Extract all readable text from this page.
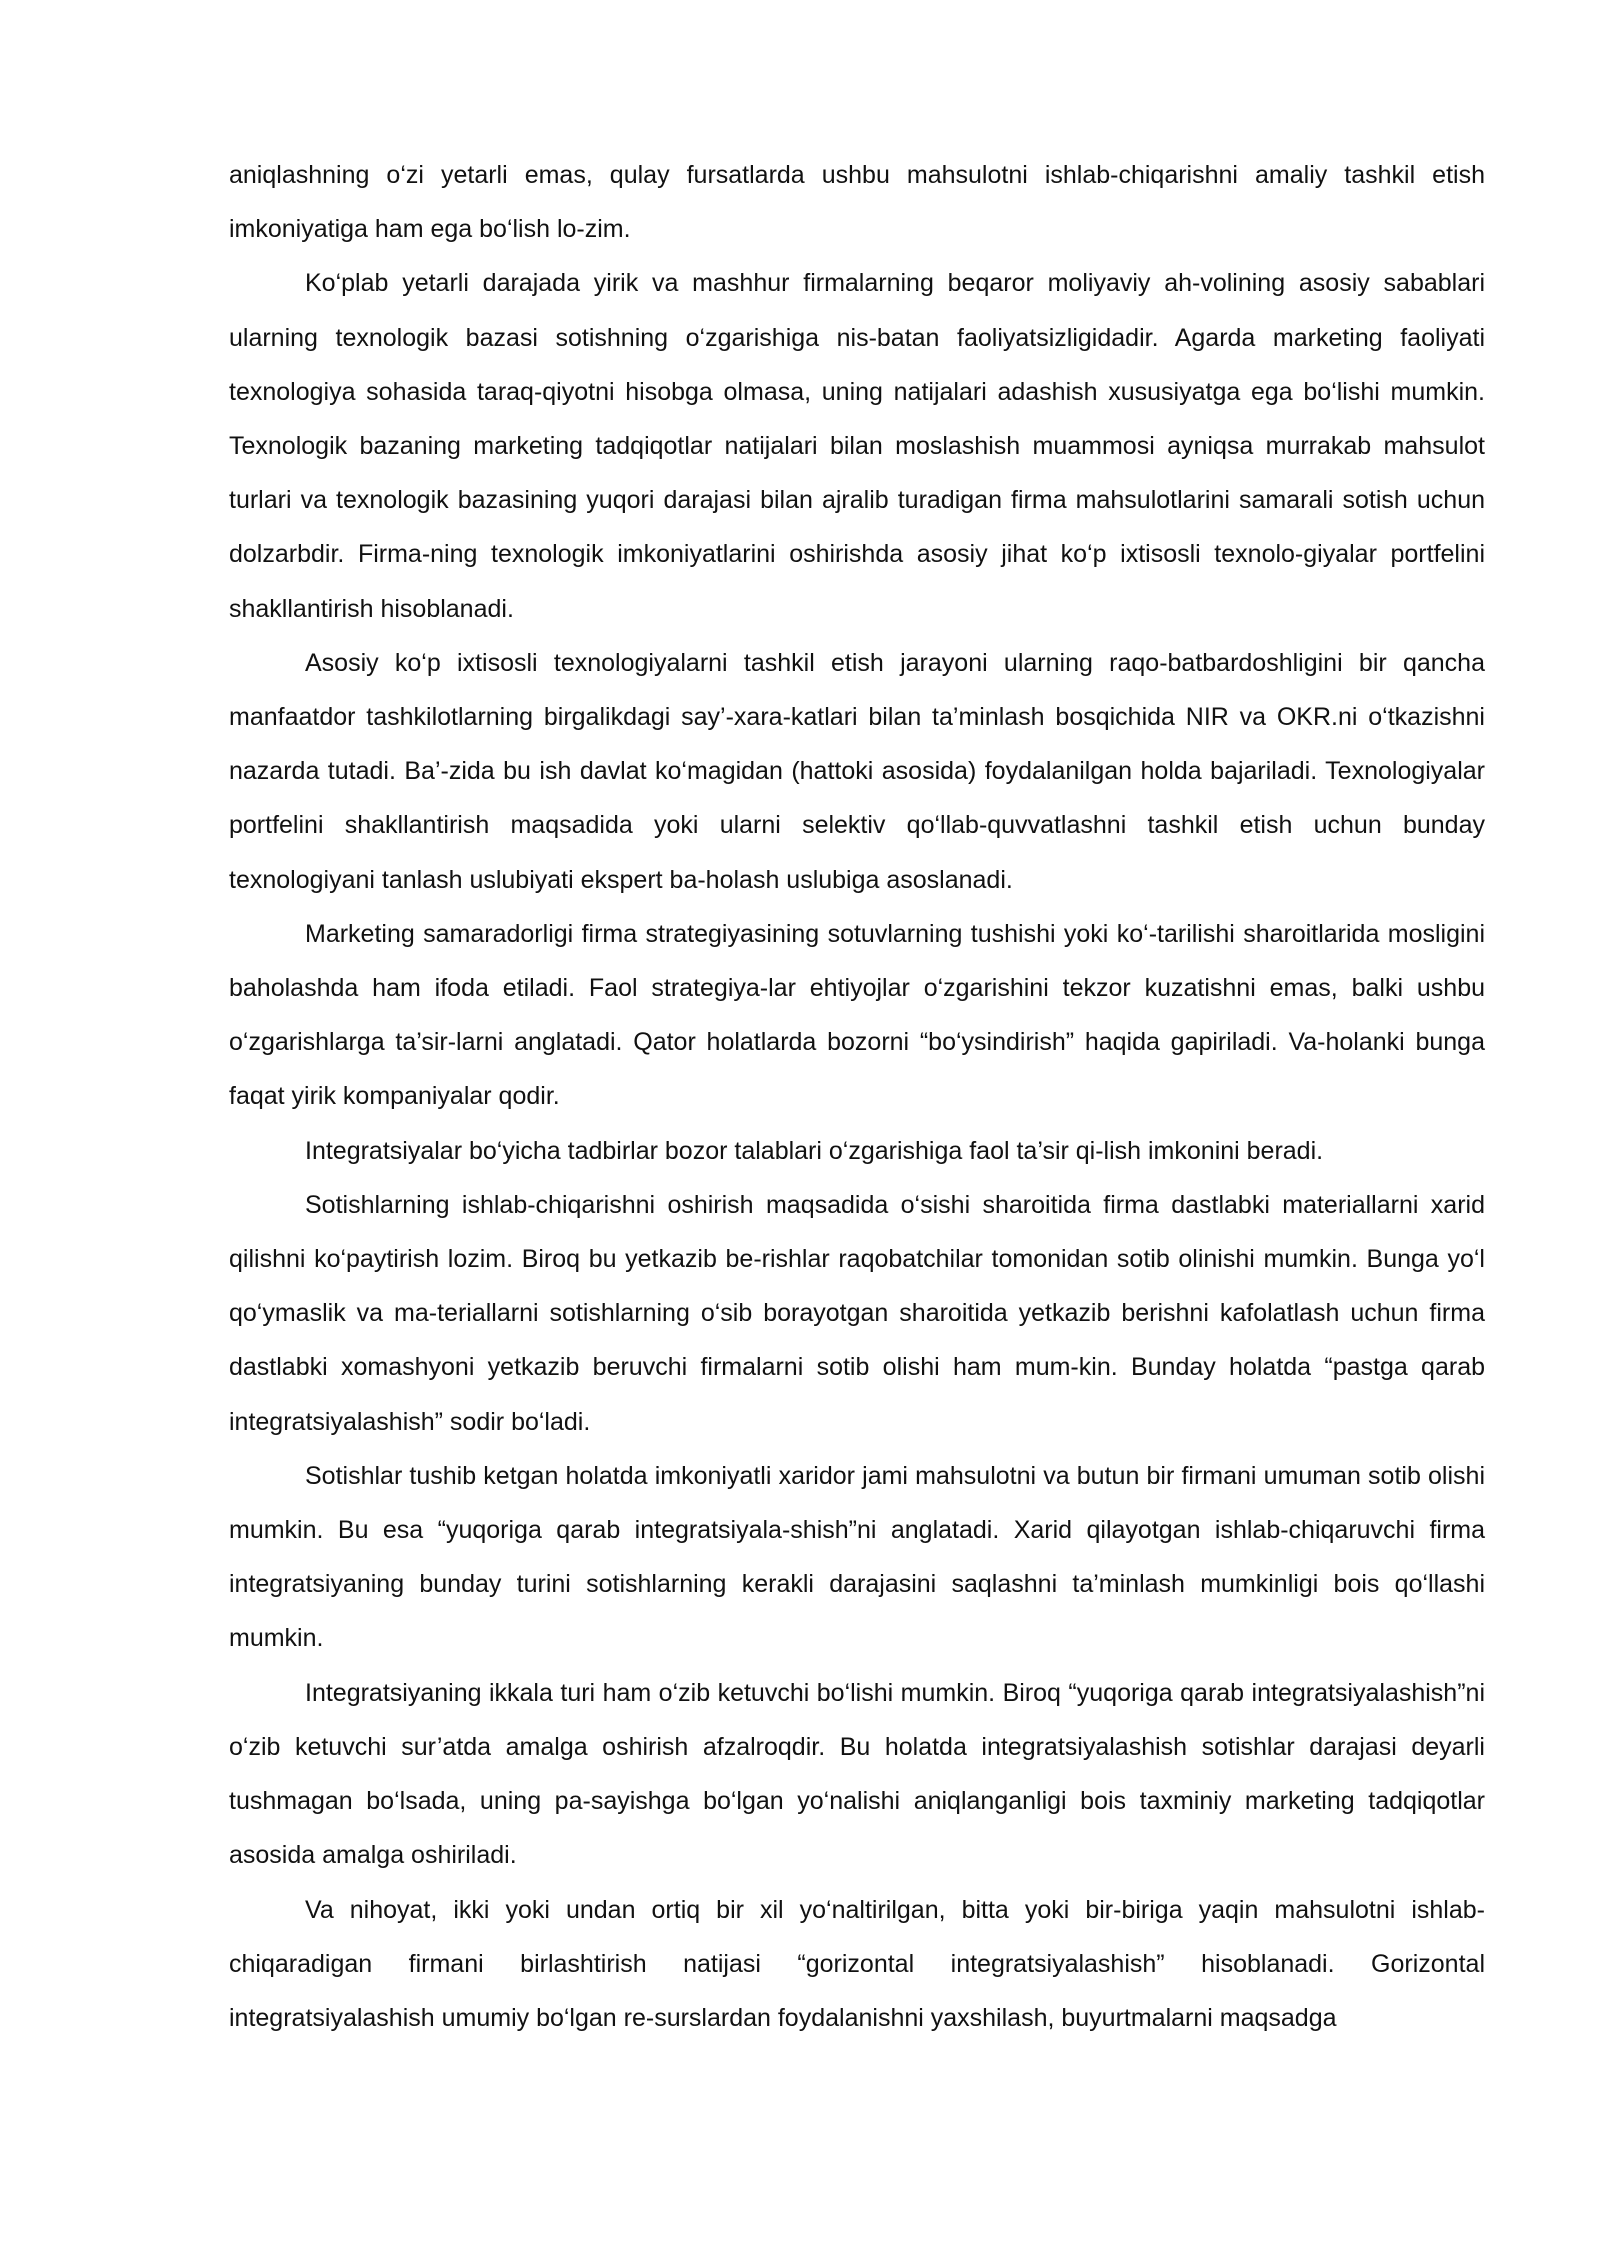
aniqlashning o‘zi yetarli emas, qulay fursatlarda ushbu mahsulotni ishlab-chiqarishni amaliy tashkil etish imkoniyatiga ham ega bo‘lish lo-zim.

Ko‘plab yetarli darajada yirik va mashhur firmalarning beqaror moliyaviy ah-volining asosiy sabablari ularning texnologik bazasi sotishning o‘zgarishiga nis-batan faoliyatsizligidadir. Agarda marketing faoliyati texnologiya sohasida taraq-qiyotni hisobga olmasa, uning natijalari adashish xususiyatga ega bo‘lishi mumkin. Texnologik bazaning marketing tadqiqotlar natijalari bilan moslashish muammosi ayniqsa murrakab mahsulot turlari va texnologik bazasining yuqori darajasi bilan ajralib turadigan firma mahsulotlarini samarali sotish uchun dolzarbdir. Firma-ning texnologik imkoniyatlarini oshirishda asosiy jihat ko‘p ixtisosli texnolo-giyalar portfelini shakllantirish hisoblanadi.

Asosiy ko‘p ixtisosli texnologiyalarni tashkil etish jarayoni ularning raqo-batbardoshligini bir qancha manfaatdor tashkilotlarning birgalikdagi say’-xara-katlari bilan ta’minlash bosqichida NIR va OKR.ni o‘tkazishni nazarda tutadi. Ba’-zida bu ish davlat ko‘magidan (hattoki asosida) foydalanilgan holda bajariladi. Texnologiyalar portfelini shakllantirish maqsadida yoki ularni selektiv qo‘llab-quvvatlashni tashkil etish uchun bunday texnologiyani tanlash uslubiyati ekspert ba-holash uslubiga asoslanadi.

Marketing samaradorligi firma strategiyasining sotuvlarning tushishi yoki ko‘-tarilishi sharoitlarida mosligini baholashda ham ifoda etiladi. Faol strategiya-lar ehtiyojlar o‘zgarishini tekzor kuzatishni emas, balki ushbu o‘zgarishlarga ta’sir-larni anglatadi. Qator holatlarda bozorni “bo‘ysindirish” haqida gapiriladi. Va-holanki bunga faqat yirik kompaniyalar qodir.

Integratsiyalar bo‘yicha tadbirlar bozor talablari o‘zgarishiga faol ta’sir qi-lish imkonini beradi.

Sotishlarning ishlab-chiqarishni oshirish maqsadida o‘sishi sharoitida firma dastlabki materiallarni xarid qilishni ko‘paytirish lozim. Biroq bu yetkazib be-rishlar raqobatchilar tomonidan sotib olinishi mumkin. Bunga yo‘l qo‘ymaslik va ma-teriallarni sotishlarning o‘sib borayotgan sharoitida yetkazib berishni kafolatlash uchun firma dastlabki xomashyoni yetkazib beruvchi firmalarni sotib olishi ham mum-kin. Bunday holatda “pastga qarab integratsiyalashish” sodir bo‘ladi.

Sotishlar tushib ketgan holatda imkoniyatli xaridor jami mahsulotni va butun bir firmani umuman sotib olishi mumkin. Bu esa “yuqoriga qarab integratsiyala-shish”ni anglatadi. Xarid qilayotgan ishlab-chiqaruvchi firma integratsiyaning bunday turini sotishlarning kerakli darajasini saqlashni ta’minlash mumkinligi bois qo‘llashi mumkin.

Integratsiyaning ikkala turi ham o‘zib ketuvchi bo‘lishi mumkin. Biroq “yuqoriga qarab integratsiyalashish”ni o‘zib ketuvchi sur’atda amalga oshirish afzalroqdir. Bu holatda integratsiyalashish sotishlar darajasi deyarli tushmagan bo‘lsada, uning pa-sayishga bo‘lgan yo‘nalishi aniqlanganligi bois taxminiy marketing tadqiqotlar asosida amalga oshiriladi.

Va nihoyat, ikki yoki undan ortiq bir xil yo‘naltirilgan, bitta yoki bir-biriga yaqin mahsulotni ishlab-chiqaradigan firmani birlashtirish natijasi “gorizontal integratsiyalashish” hisoblanadi. Gorizontal integratsiyalashish umumiy bo‘lgan re-surslardan foydalanishni yaxshilash, buyurtmalarni maqsadga
